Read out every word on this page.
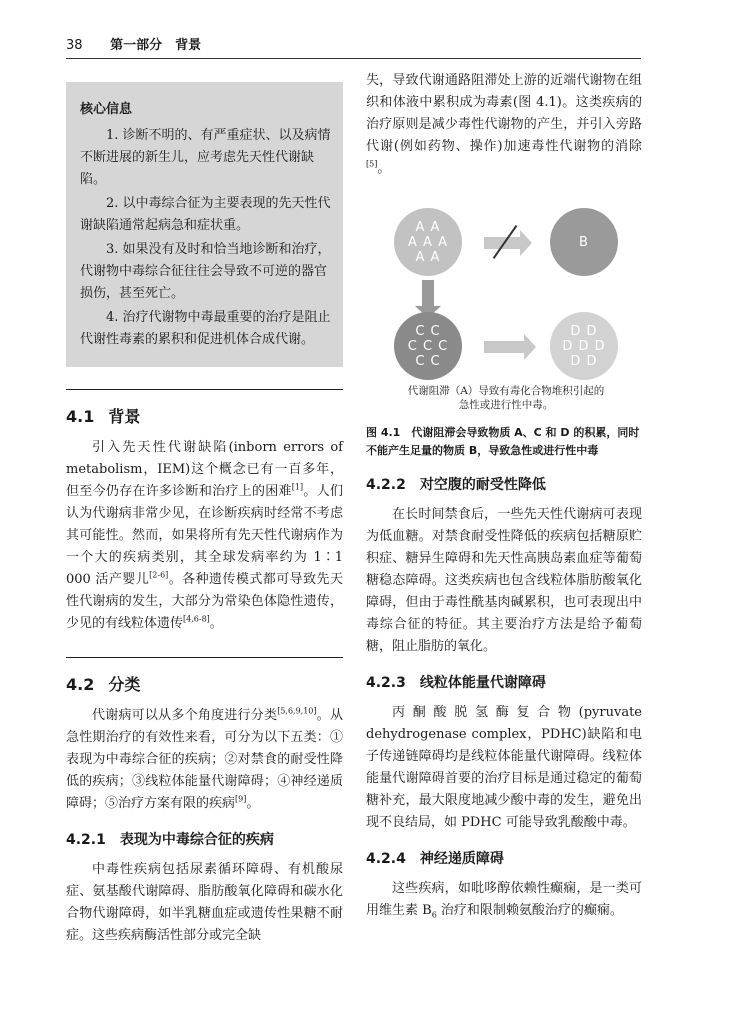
38 第一部分　背景
核心信息

1. 诊断不明的、有严重症状、以及病情不断进展的新生儿，应考虑先天性代谢缺陷。

2. 以中毒综合征为主要表现的先天性代谢缺陷通常起病急和症状重。

3. 如果没有及时和恰当地诊断和治疗，代谢物中毒综合征往往会导致不可逆的器官损伤，甚至死亡。

4. 治疗代谢物中毒最重要的治疗是阻止代谢性毒素的累积和促进机体合成代谢。

4.1 背景

引入先天性代谢缺陷(inborn errors of metabolism，IEM)这个概念已有一百多年，但至今仍存在许多诊断和治疗上的困难[1]。人们认为代谢病非常少见，在诊断疾病时经常不考虑其可能性。然而，如果将所有先天性代谢病作为一个大的疾病类别，其全球发病率约为 1∶1 000 活产婴儿[2-6]。各种遗传模式都可导致先天性代谢病的发生，大部分为常染色体隐性遗传，少见的有线粒体遗传[4,6-8]。

4.2 分类

代谢病可以从多个角度进行分类[5,6,9,10]。从急性期治疗的有效性来看，可分为以下五类：①表现为中毒综合征的疾病；②对禁食的耐受性降低的疾病；③线粒体能量代谢障碍；④神经递质障碍；⑤治疗方案有限的疾病[9]。

4.2.1 表现为中毒综合征的疾病

中毒性疾病包括尿素循环障碍、有机酸尿症、氨基酸代谢障碍、脂肪酸氧化障碍和碳水化合物代谢障碍，如半乳糖血症或遗传性果糖不耐症。这些疾病酶活性部分或完全缺

失，导致代谢通路阻滞处上游的近端代谢物在组织和体液中累积成为毒素(图 4.1)。这类疾病的治疗原则是减少毒性代谢物的产生，并引入旁路代谢(例如药物、操作)加速毒性代谢物的消除[5]。

A A
A A A
A A
B
C C
C C C
C C
D D
D D D
D D
代谢阻滞（A）导致有毒化合物堆积引起的急性或进行性中毒。
图 4.1　代谢阻滞会导致物质 A、C 和 D 的积累，同时不能产生足量的物质 B，导致急性或进行性中毒
4.2.2 对空腹的耐受性降低

在长时间禁食后，一些先天性代谢病可表现为低血糖。对禁食耐受性降低的疾病包括糖原贮积症、糖异生障碍和先天性高胰岛素血症等葡萄糖稳态障碍。这类疾病也包含线粒体脂肪酸氧化障碍，但由于毒性酰基肉碱累积，也可表现出中毒综合征的特征。其主要治疗方法是给予葡萄糖，阻止脂肪的氧化。

4.2.3 线粒体能量代谢障碍

丙酮酸脱氢酶复合物(pyruvate dehydrogenase complex，PDHC)缺陷和电子传递链障碍均是线粒体能量代谢障碍。线粒体能量代谢障碍首要的治疗目标是通过稳定的葡萄糖补充，最大限度地减少酸中毒的发生，避免出现不良结局，如 PDHC 可能导致乳酸酸中毒。

4.2.4 神经递质障碍

这些疾病，如吡哆醇依赖性癫痫，是一类可用维生素 $B_6$ 治疗和限制赖氨酸治疗的癫痫。
